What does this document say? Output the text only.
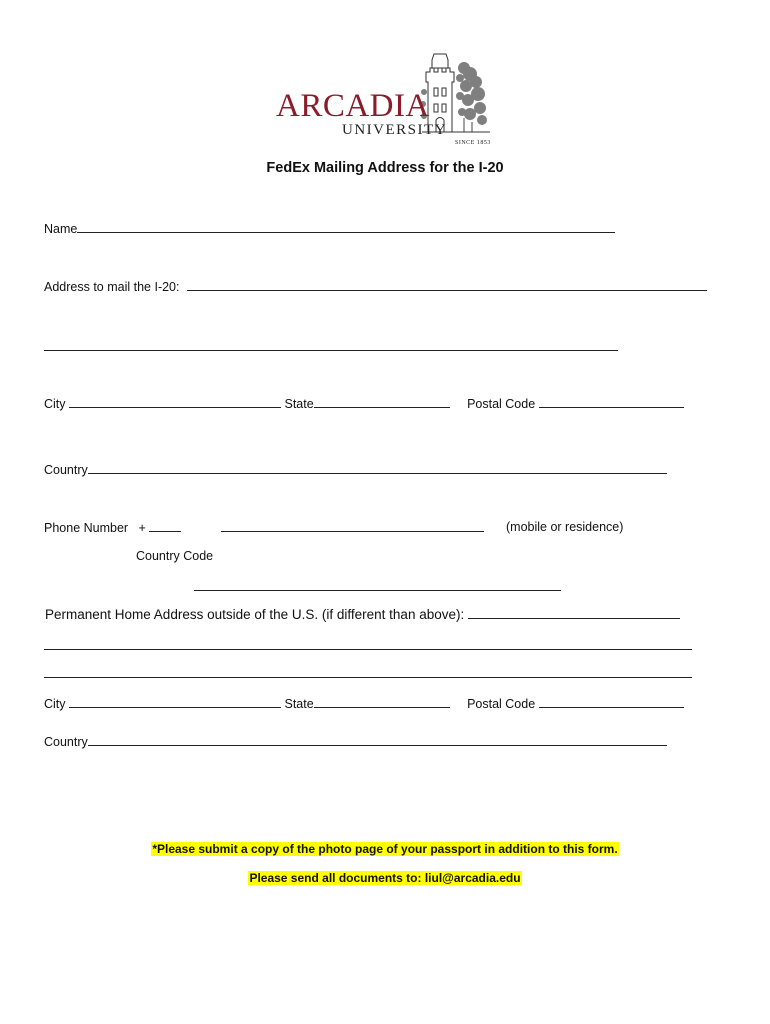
ARCADIA
UNIVERSITY
SINCE 1853
FedEx Mailing Address for the I-20
Name
Address to mail the I-20:
City	State	Postal Code
Country
Phone Number +	(mobile or residence)
Country Code
Permanent Home Address outside of the U.S. (if different than above):
City	State	Postal Code
Country
*Please submit a copy of the photo page of your passport in addition to this form.
Please send all documents to: liul@arcadia.edu
